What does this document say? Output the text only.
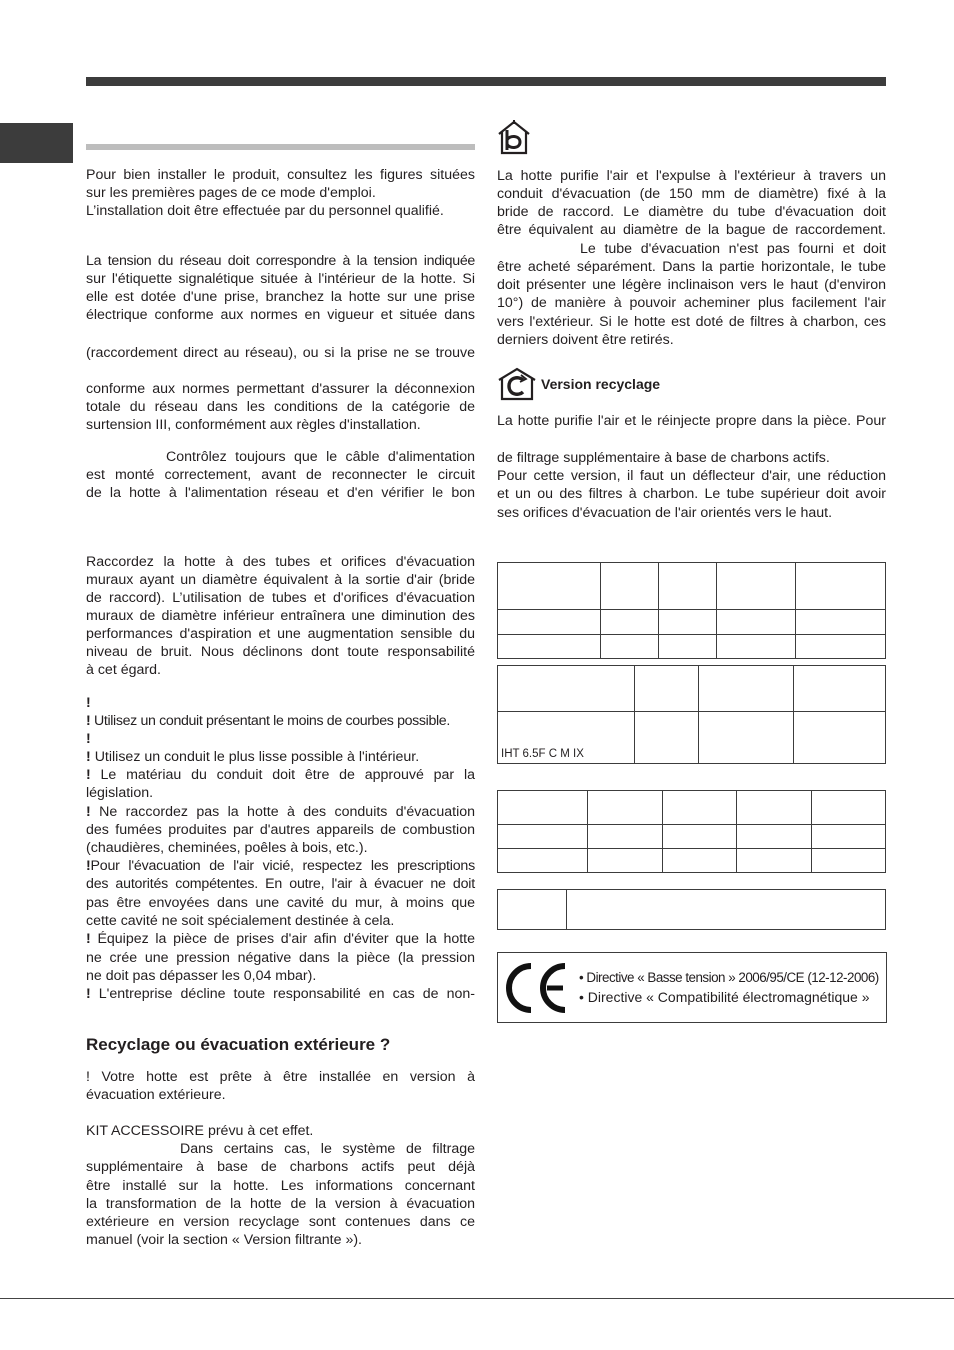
Pour bien installer le produit, consultez les figures situées
sur les premières pages de ce mode d'emploi.
L’installation doit être effectuée par du personnel qualifié.
La tension du réseau doit correspondre à la tension indiquée
sur l'étiquette signalétique située à l'intérieur de la hotte. Si
elle est dotée d'une prise, branchez la hotte sur une prise
électrique conforme aux normes en vigueur et située dans
(raccordement direct au réseau), ou si la prise ne se trouve
conforme aux normes permettant d'assurer la déconnexion
totale du réseau dans les conditions de la catégorie de
surtension III, conformément aux règles d'installation.
Contrôlez toujours que le câble d'alimentation
est monté correctement, avant de reconnecter le circuit
de la hotte à l'alimentation réseau et d'en vérifier le bon
Raccordez la hotte à des tubes et orifices d'évacuation
muraux ayant un diamètre équivalent à la sortie d'air (bride
de raccord). L’utilisation de tubes et d'orifices d'évacuation
muraux de diamètre inférieur entraînera une diminution des
performances d'aspiration et une augmentation sensible du
niveau de bruit. Nous déclinons dont toute responsabilité
à cet égard.
!
! Utilisez un conduit présentant le moins de courbes possible.
!
! Utilisez un conduit le plus lisse possible à l'intérieur.
! Le matériau du conduit doit être de approuvé par la
législation.
! Ne raccordez pas la hotte à des conduits d'évacuation
des fumées produites par d'autres appareils de combustion
(chaudières, cheminées, poêles à bois, etc.).
!Pour l'évacuation de l'air vicié, respectez les prescriptions
des autorités compétentes. En outre, l'air à évacuer ne doit
pas être envoyées dans une cavité du mur, à moins que
cette cavité ne soit spécialement destinée à cela.
! Équipez la pièce de prises d'air afin d'éviter que la hotte
ne crée une pression négative dans la pièce (la pression
ne doit pas dépasser les 0,04 mbar).
! L'entreprise décline toute responsabilité en cas de non-
Recyclage ou évacuation extérieure ?
! Votre hotte est prête à être installée en version à
évacuation extérieure.
KIT ACCESSOIRE prévu à cet effet.
Dans certains cas, le système de filtrage
supplémentaire à base de charbons actifs peut déjà
être installé sur la hotte. Les informations concernant
la transformation de la hotte de la version à évacuation
extérieure en version recyclage sont contenues dans ce
manuel (voir la section « Version filtrante »).
La hotte purifie l'air et l'expulse à l'extérieur à travers un
conduit d'évacuation (de 150 mm de diamètre) fixé à la
bride de raccord. Le diamètre du tube d'évacuation doit
être équivalent au diamètre de la bague de raccordement.
Le tube d'évacuation n'est pas fourni et doit
être acheté séparément. Dans la partie horizontale, le tube
doit présenter une légère inclinaison vers le haut (d'environ
10°) de manière à pouvoir acheminer plus facilement l'air
vers l'extérieur. Si le hotte est doté de filtres à charbon, ces
derniers doivent être retirés.
Version recyclage
La hotte purifie l'air et le réinjecte propre dans la pièce. Pour
de filtrage supplémentaire à base de charbons actifs.
Pour cette version, il faut un déflecteur d'air, une réduction
et un ou des filtres à charbon. Le tube supérieur doit avoir
ses orifices d'évacuation de l'air orientés vers le haut.

IHT 6.5F C M IX

• Directive « Basse tension » 2006/95/CE (12-12-2006)
• Directive « Compatibilité électromagnétique »
